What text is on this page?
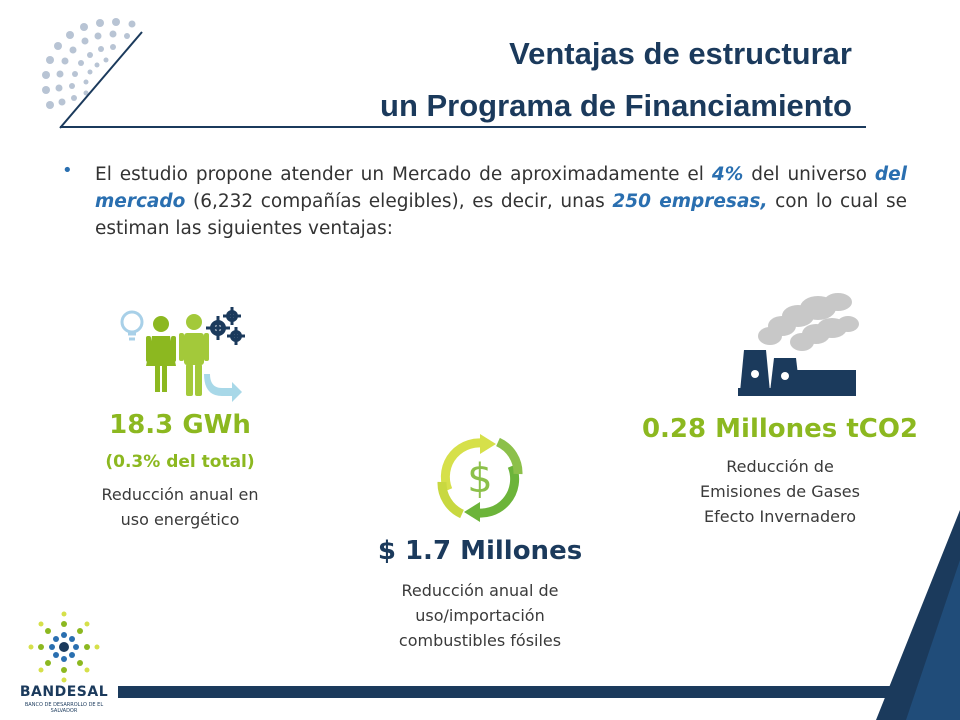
Ventajas de estructurar
un Programa de Financiamiento
• El estudio propone atender un Mercado de aproximadamente el 4% del universo del mercado (6,232 compañías elegibles), es decir, unas 250 empresas, con lo cual se estiman las siguientes ventajas:
18.3 GWh
(0.3% del total)
Reducción anual en
uso energético
0.28 Millones tCO2
Reducción de
Emisiones de Gases
Efecto Invernadero
$
$ 1.7 Millones
Reducción anual de
uso/importación
combustibles fósiles
BANDESAL
BANCO DE DESARROLLO DE EL SALVADOR
